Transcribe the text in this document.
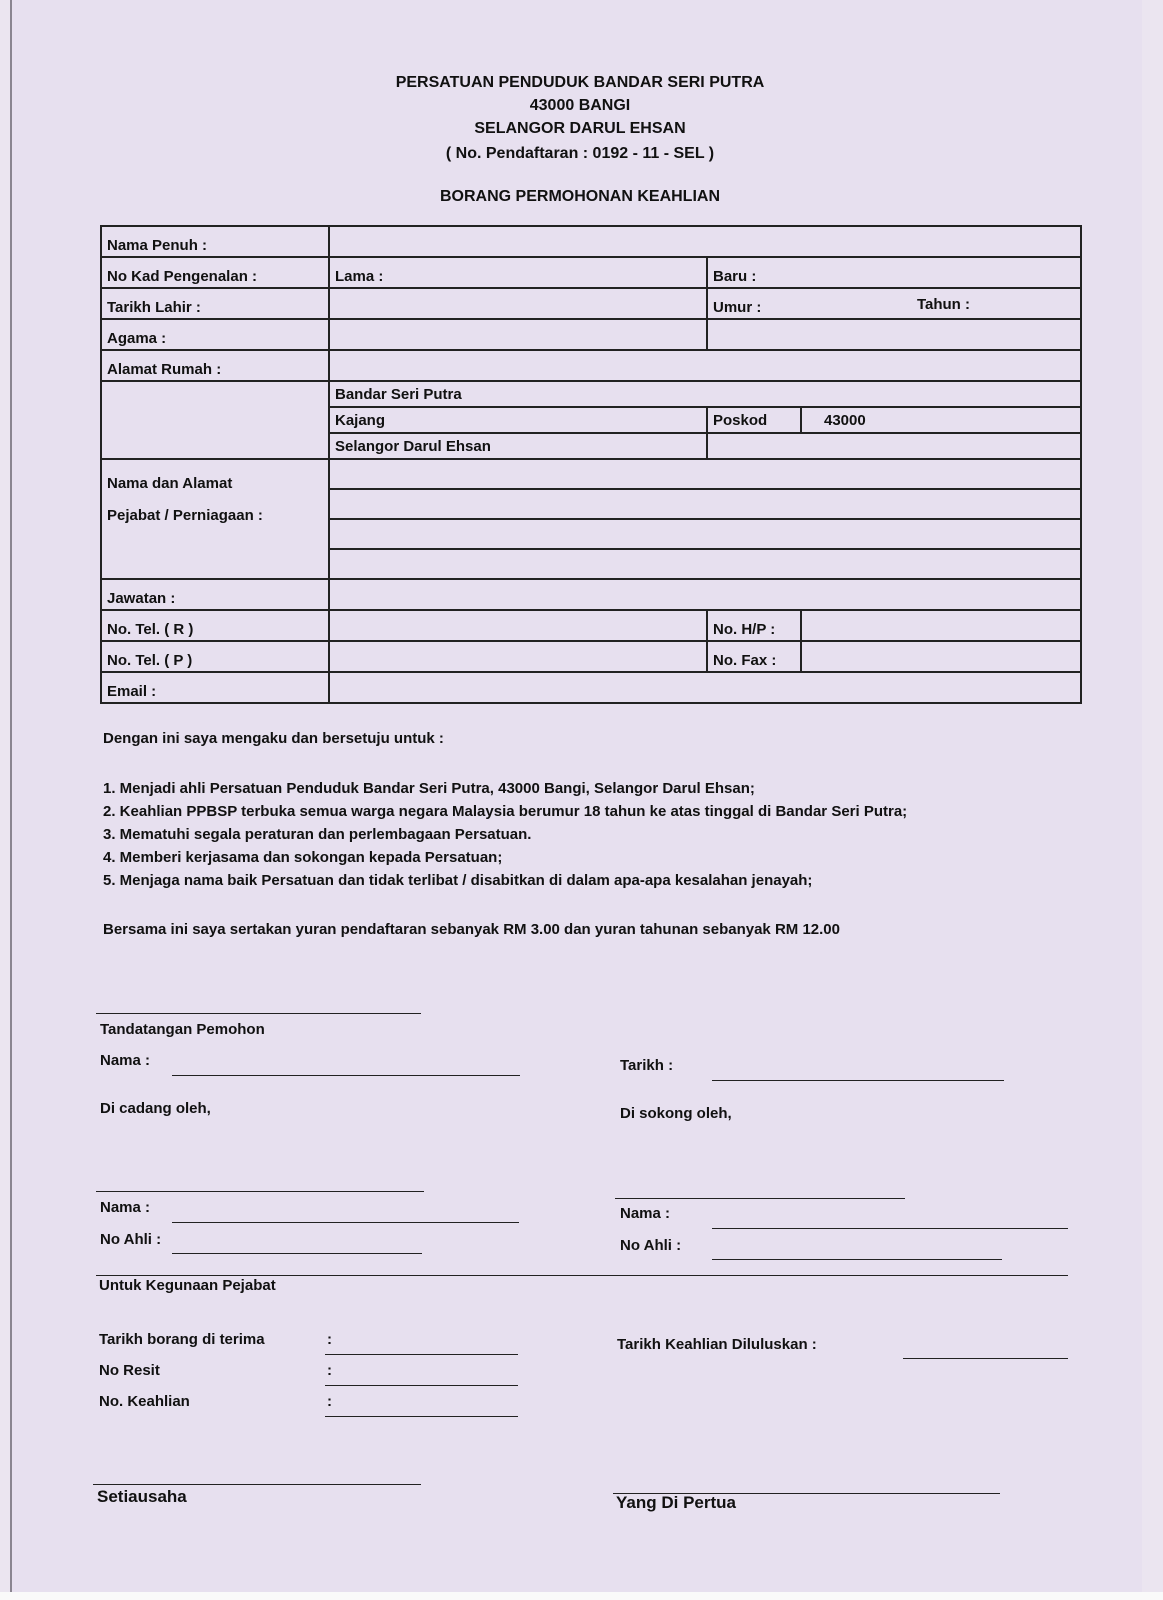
PERSATUAN PENDUDUK BANDAR SERI PUTRA
43000 BANGI
SELANGOR DARUL EHSAN
( No. Pendaftaran : 0192 - 11 - SEL )
BORANG PERMOHONAN KEAHLIAN
Nama Penuh :			
No Kad Pengenalan :	Lama :	Baru :	
Tarikh Lahir :		Umur : Tahun :	

Agama :			
Alamat Rumah :			
	Bandar Seri Putra		
	Kajang	Poskod	43000
	Selangor Darul Ehsan		

Nama dan Alamat
Pejabat / Perniagaan :			

Jawatan :			
No. Tel. ( R )		No. H/P :	
No. Tel. ( P )		No. Fax :	
Email :			
Dengan ini saya mengaku dan bersetuju untuk :
1. Menjadi ahli Persatuan Penduduk Bandar Seri Putra, 43000 Bangi, Selangor Darul Ehsan;
2. Keahlian PPBSP terbuka semua warga negara Malaysia berumur 18 tahun ke atas tinggal di Bandar Seri Putra;
3. Mematuhi segala peraturan dan perlembagaan Persatuan.
4. Memberi kerjasama dan sokongan kepada Persatuan;
5. Menjaga nama baik Persatuan dan tidak terlibat / disabitkan di dalam apa-apa kesalahan jenayah;
Bersama ini saya sertakan yuran pendaftaran sebanyak RM 3.00 dan yuran tahunan sebanyak RM 12.00
Tandatangan Pemohon
Nama :	Tarikh :
Di cadang oleh,	Di sokong oleh,
Nama :
No Ahli :
Nama :
No Ahli :
Untuk Kegunaan Pejabat
Tarikh borang di terima	:
No Resit	:
No. Keahlian	:
Tarikh Keahlian Diluluskan :
Setiausaha	Yang Di Pertua
